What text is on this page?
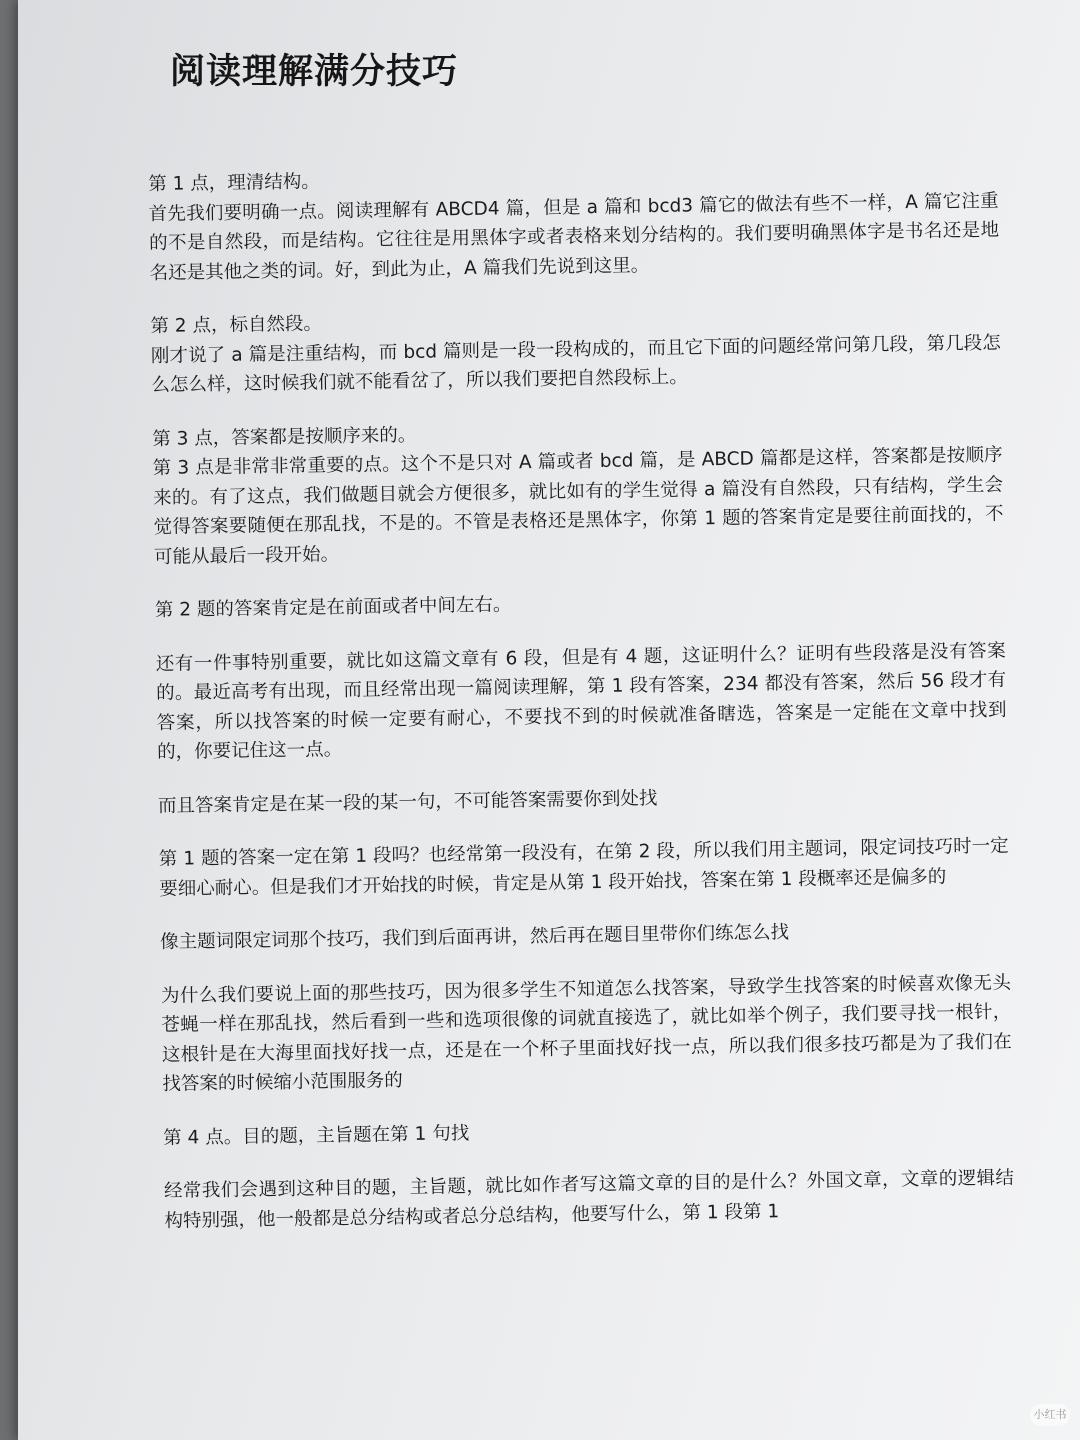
阅读理解满分技巧

第 1 点，理清结构。

首先我们要明确一点。阅读理解有 ABCD4 篇，但是 a 篇和 bcd3 篇它的做法有些不一样，A 篇它注重的不是自然段，而是结构。它往往是用黑体字或者表格来划分结构的。我们要明确黑体字是书名还是地名还是其他之类的词。好，到此为止，A 篇我们先说到这里。

第 2 点，标自然段。

刚才说了 a 篇是注重结构，而 bcd 篇则是一段一段构成的，而且它下面的问题经常问第几段，第几段怎么怎么样，这时候我们就不能看岔了，所以我们要把自然段标上。

第 3 点，答案都是按顺序来的。

第 3 点是非常非常重要的点。这个不是只对 A 篇或者 bcd 篇，是 ABCD 篇都是这样，答案都是按顺序来的。有了这点，我们做题目就会方便很多，就比如有的学生觉得 a 篇没有自然段，只有结构，学生会觉得答案要随便在那乱找，不是的。不管是表格还是黑体字，你第 1 题的答案肯定是要往前面找的，不可能从最后一段开始。

第 2 题的答案肯定是在前面或者中间左右。

还有一件事特别重要，就比如这篇文章有 6 段，但是有 4 题，这证明什么？证明有些段落是没有答案的。最近高考有出现，而且经常出现一篇阅读理解，第 1 段有答案，234 都没有答案，然后 56 段才有答案，所以找答案的时候一定要有耐心，不要找不到的时候就准备瞎选，答案是一定能在文章中找到的，你要记住这一点。

而且答案肯定是在某一段的某一句，不可能答案需要你到处找

第 1 题的答案一定在第 1 段吗？也经常第一段没有，在第 2 段，所以我们用主题词，限定词技巧时一定要细心耐心。但是我们才开始找的时候，肯定是从第 1 段开始找，答案在第 1 段概率还是偏多的

像主题词限定词那个技巧，我们到后面再讲，然后再在题目里带你们练怎么找

为什么我们要说上面的那些技巧，因为很多学生不知道怎么找答案，导致学生找答案的时候喜欢像无头苍蝇一样在那乱找，然后看到一些和选项很像的词就直接选了，就比如举个例子，我们要寻找一根针，这根针是在大海里面找好找一点，还是在一个杯子里面找好找一点，所以我们很多技巧都是为了我们在找答案的时候缩小范围服务的

第 4 点。目的题，主旨题在第 1 句找

经常我们会遇到这种目的题，主旨题，就比如作者写这篇文章的目的是什么？外国文章，文章的逻辑结构特别强，他一般都是总分结构或者总分总结构，他要写什么，第 1 段第 1

小红书
